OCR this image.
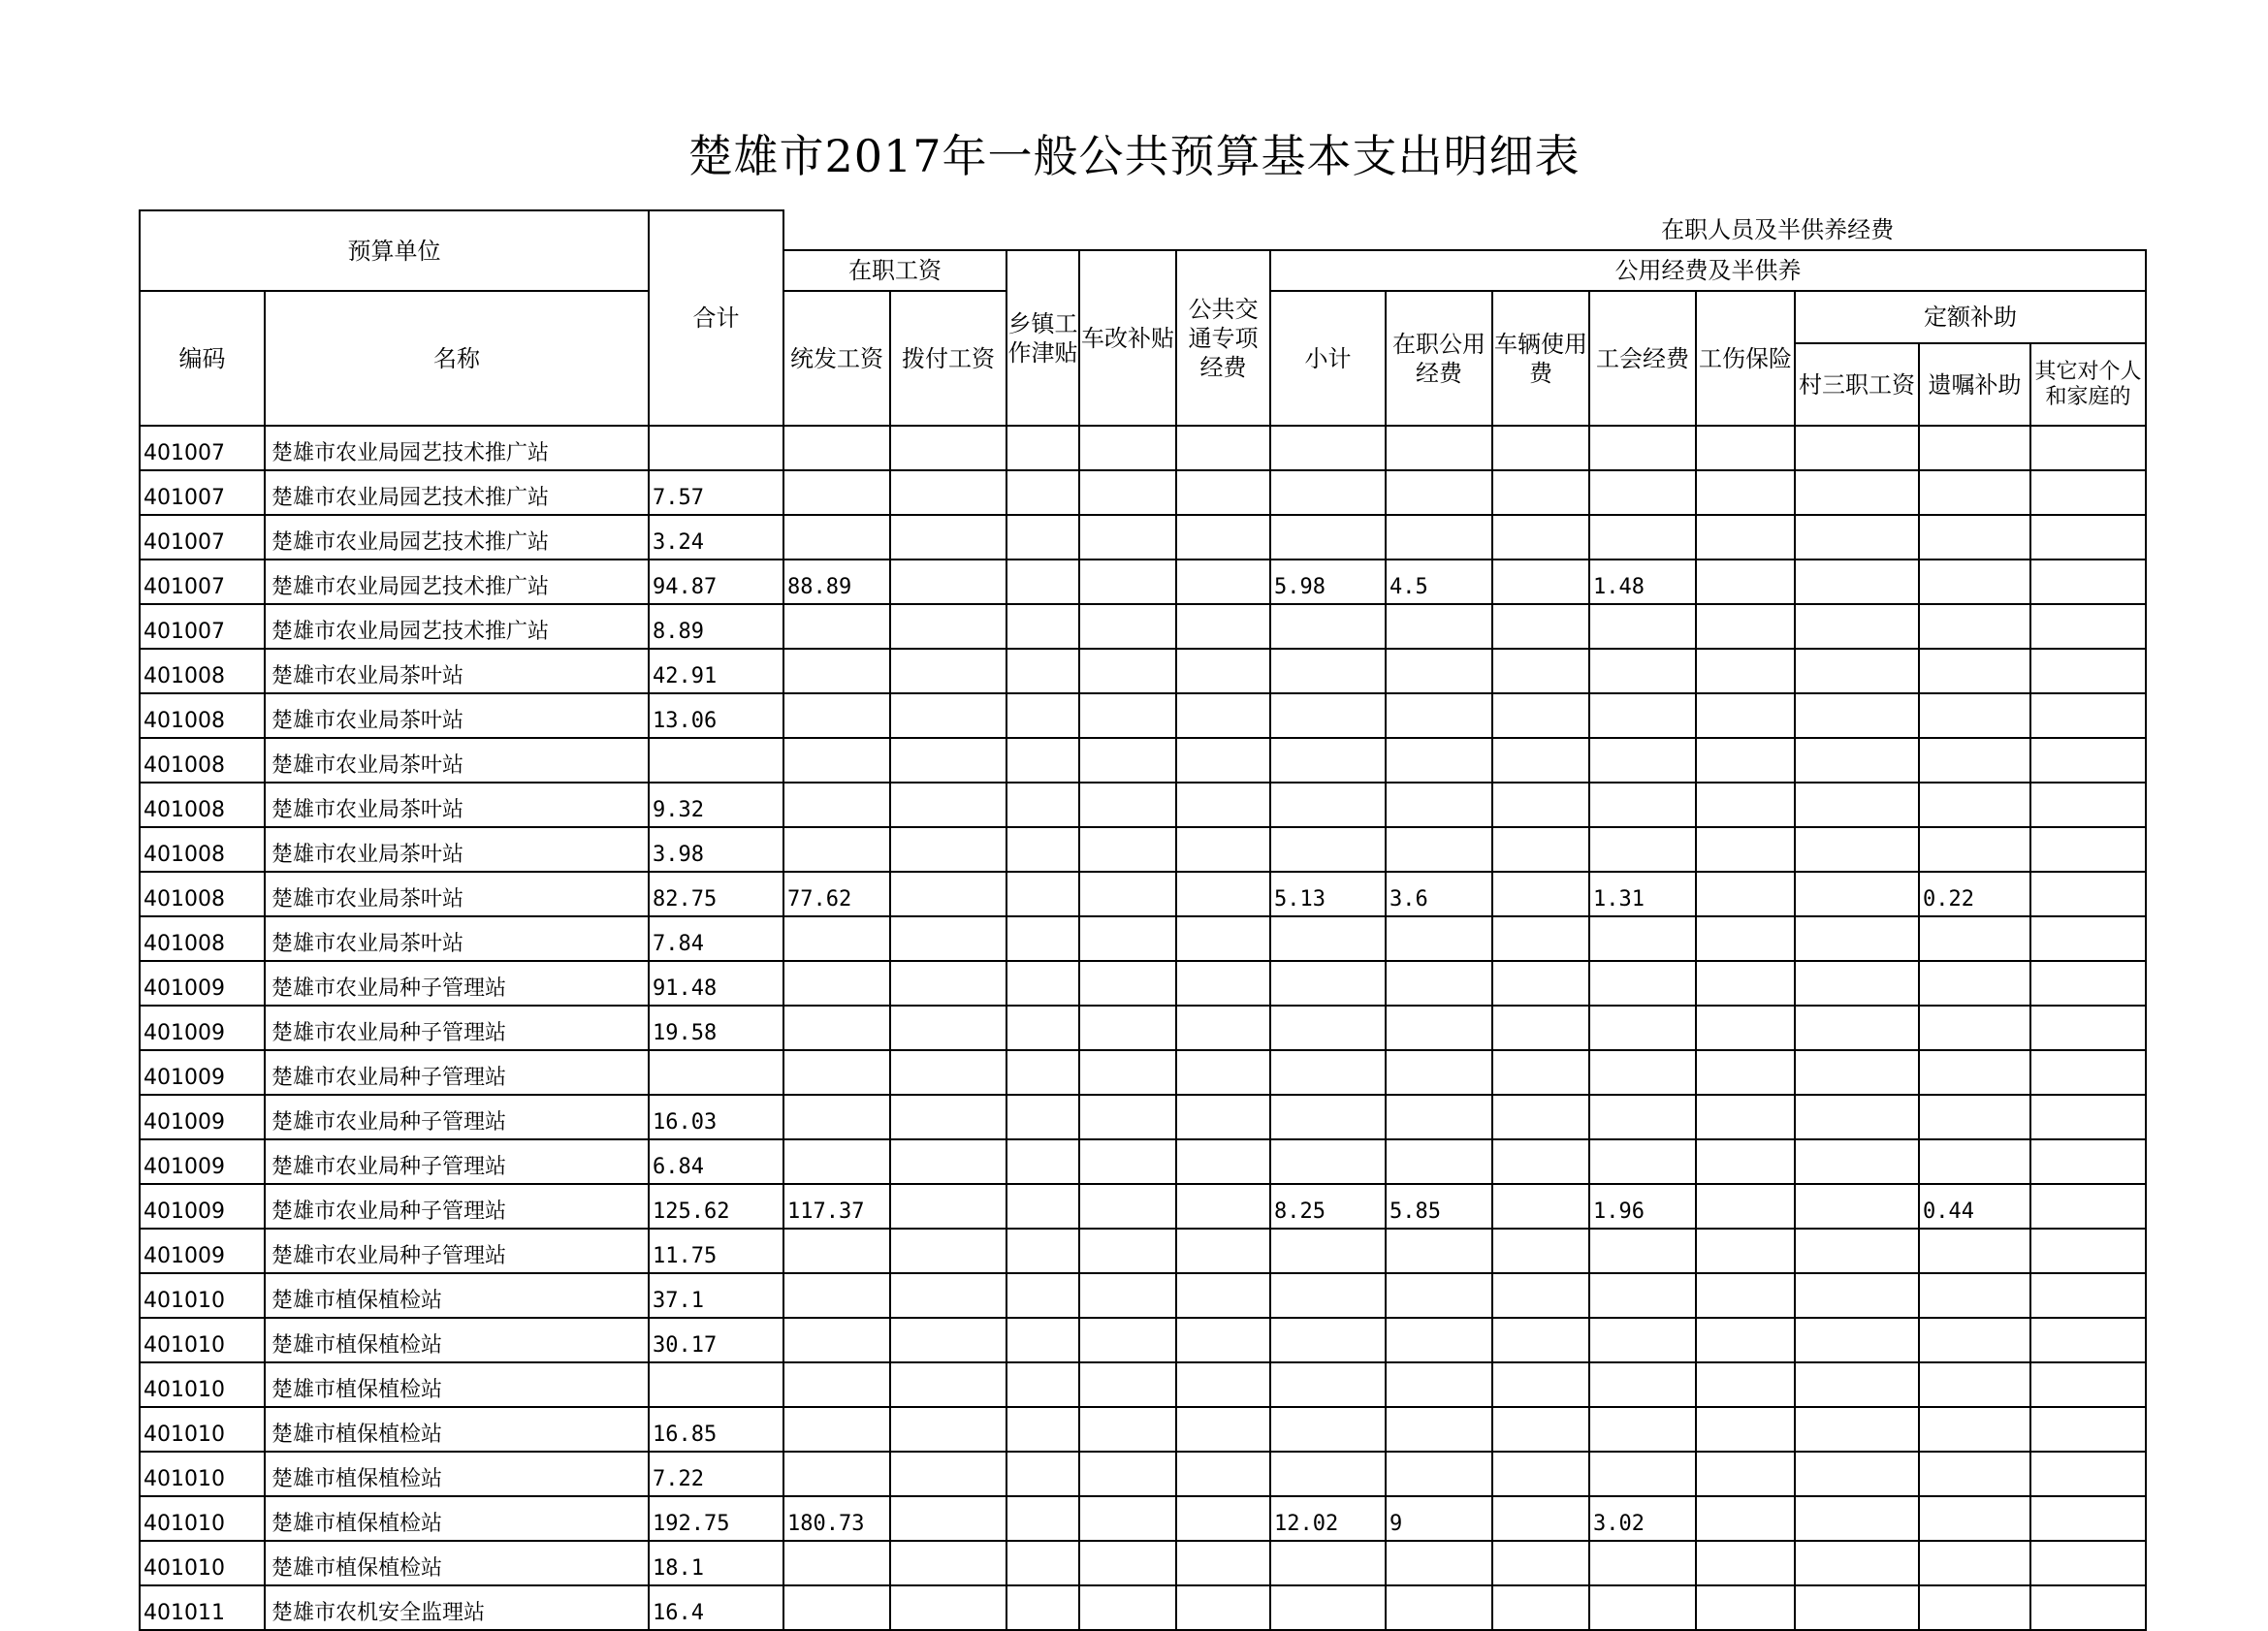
楚雄市2017年一般公共预算基本支出明细表
预算单位		合计	在职人员及半供养经费												
			在职工资		乡镇工作津贴	车改补贴	公共交通专项经费	公用经费及半供养							
编码	名称		统发工资	拨付工资				小计	在职公用经费	车辆使用费	工会经费	工伤保险	定额补助		
													村三职工资	遗嘱补助	其它对个人和家庭的
401007	楚雄市农业局园艺技术推广站														
401007	楚雄市农业局园艺技术推广站	7.57													
401007	楚雄市农业局园艺技术推广站	3.24													
401007	楚雄市农业局园艺技术推广站	94.87	88.89					5.98	4.5		1.48				
401007	楚雄市农业局园艺技术推广站	8.89													
401008	楚雄市农业局茶叶站	42.91													
401008	楚雄市农业局茶叶站	13.06													
401008	楚雄市农业局茶叶站														
401008	楚雄市农业局茶叶站	9.32													
401008	楚雄市农业局茶叶站	3.98													
401008	楚雄市农业局茶叶站	82.75	77.62					5.13	3.6		1.31			0.22	
401008	楚雄市农业局茶叶站	7.84													
401009	楚雄市农业局种子管理站	91.48													
401009	楚雄市农业局种子管理站	19.58													
401009	楚雄市农业局种子管理站														
401009	楚雄市农业局种子管理站	16.03													
401009	楚雄市农业局种子管理站	6.84													
401009	楚雄市农业局种子管理站	125.62	117.37					8.25	5.85		1.96			0.44	
401009	楚雄市农业局种子管理站	11.75													
401010	楚雄市植保植检站	37.1													
401010	楚雄市植保植检站	30.17													
401010	楚雄市植保植检站														
401010	楚雄市植保植检站	16.85													
401010	楚雄市植保植检站	7.22													
401010	楚雄市植保植检站	192.75	180.73					12.02	9		3.02				
401010	楚雄市植保植检站	18.1													
401011	楚雄市农机安全监理站	16.4													
